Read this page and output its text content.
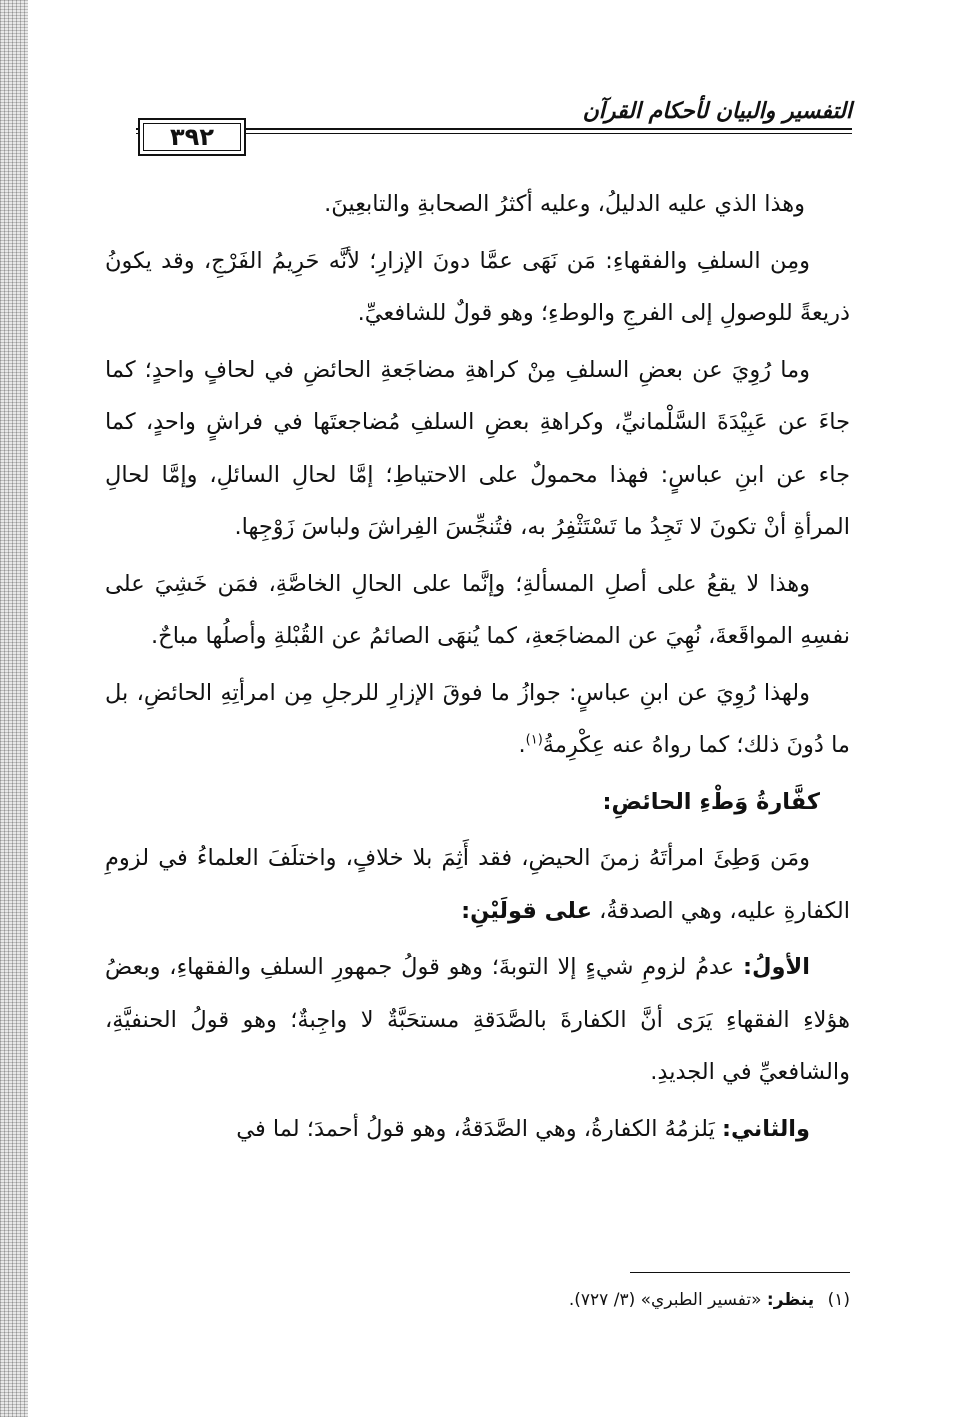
٣٩٢
التفسير والبيان لأحكام القرآن

وهذا الذي عليه الدليلُ، وعليه أكثرُ الصحابةِ والتابعِينَ.

ومِن السلفِ والفقهاءِ: مَن نَهَى عمَّا دونَ الإزارِ؛ لأنَّه حَرِيمُ الفَرْجِ، وقد يكونُ ذريعةً للوصولِ إلى الفرجِ والوطءِ؛ وهو قولٌ للشافعيِّ.

وما رُوِيَ عن بعضِ السلفِ مِنْ كراهةِ مضاجَعةِ الحائضِ في لحافٍ واحدٍ؛ كما جاءَ عن عَبِيْدَةَ السَّلْمانيِّ، وكراهةِ بعضِ السلفِ مُضاجعتَها في فراشٍ واحدٍ، كما جاء عن ابنِ عباسٍ: فهذا محمولٌ على الاحتياطِ؛ إمَّا لحالِ السائلِ، وإمَّا لحالِ المرأةِ أنْ تكونَ لا تَجِدُ ما تَسْتَثْفِرُ به، فتُنجِّسَ الفِراشَ ولباسَ زَوْجِها.

وهذا لا يقعُ على أصلِ المسألةِ؛ وإنَّما على الحالِ الخاصَّةِ، فمَن خَشِيَ على نفسِهِ المواقَعةَ، نُهِيَ عن المضاجَعةِ، كما يُنهَى الصائمُ عن القُبْلةِ وأصلُها مباحٌ.

ولهذا رُوِيَ عن ابنِ عباسٍ: جوازُ ما فوقَ الإزارِ للرجلِ مِن امرأتِهِ الحائضِ، بل ما دُونَ ذلك؛ كما رواهُ عنه عِكْرِمةُ$^{(١)}$.

كفَّارةُ وَطْءِ الحائضِ:

ومَن وَطِئَ امرأتَهُ زمنَ الحيضِ، فقد أَثِمَ بلا خلافٍ، واختلَفَ العلماءُ في لزومِ الكفارةِ عليه، وهي الصدقةُ، على قولَيْنِ:

الأولُ: عدمُ لزومِ شيءٍ إلا التوبةَ؛ وهو قولُ جمهورِ السلفِ والفقهاءِ، وبعضُ هؤلاءِ الفقهاءِ يَرَى أنَّ الكفارةَ بالصَّدَقةِ مستحَبَّةٌ لا واجِبةٌ؛ وهو قولُ الحنفيَّةِ، والشافعيِّ في الجديدِ.

والثاني: يَلزمُهُ الكفارةُ، وهي الصَّدَقةُ، وهو قولُ أحمدَ؛ لما في

(١) ينظر: «تفسير الطبري» (٣/ ٧٢٧).
